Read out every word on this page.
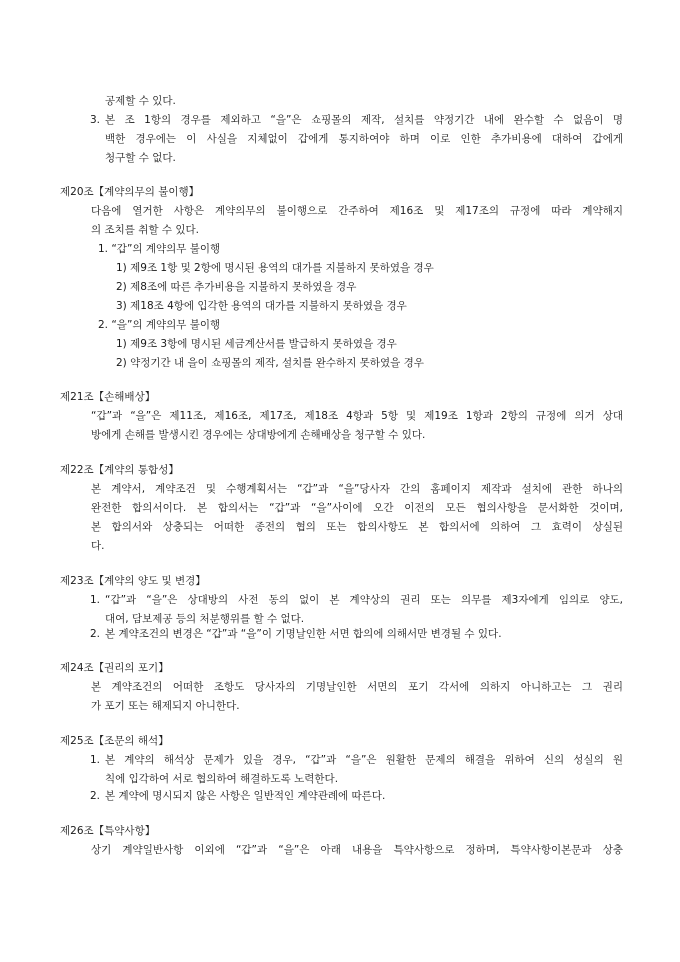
공제할 수 있다.
3. 본 조 1항의 경우를 제외하고 “을”은 쇼핑몰의 제작, 설치를 약정기간 내에 완수할 수 없음이 명
백한 경우에는 이 사실을 지체없이 갑에게 통지하여야 하며 이로 인한 추가비용에 대하여 갑에게
청구할 수 없다.
제20조【계약의무의 불이행】
다음에 열거한 사항은 계약의무의 불이행으로 간주하여 제16조 및 제17조의 규정에 따라 계약해지
의 조치를 취할 수 있다.
1. “갑”의 계약의무 불이행
1) 제9조 1항 및 2항에 명시된 용역의 대가를 지불하지 못하였을 경우
2) 제8조에 따른 추가비용을 지불하지 못하였을 경우
3) 제18조 4항에 입각한 용역의 대가를 지불하지 못하였을 경우
2. “을”의 계약의무 불이행
1) 제9조 3항에 명시된 세금계산서를 발급하지 못하였을 경우
2) 약정기간 내 을이 쇼핑몰의 제작, 설치를 완수하지 못하였을 경우
제21조【손해배상】
“갑”과 “을”은 제11조, 제16조, 제17조, 제18조 4항과 5항 및 제19조 1항과 2항의 규정에 의거 상대
방에게 손해를 발생시킨 경우에는 상대방에게 손해배상을 청구할 수 있다.
제22조【계약의 통합성】
본 계약서, 계약조건 및 수행계획서는 “갑”과 “을”당사자 간의 홈페이지 제작과 설치에 관한 하나의
완전한 합의서이다. 본 합의서는 “갑”과 “을”사이에 오간 이전의 모든 협의사항을 문서화한 것이며,
본 합의서와 상충되는 어떠한 종전의 협의 또는 합의사항도 본 합의서에 의하여 그 효력이 상실된
다.
제23조【계약의 양도 및 변경】
1. “갑”과 “을”은 상대방의 사전 동의 없이 본 계약상의 권리 또는 의무를 제3자에게 임의로 양도,
대여, 담보제공 등의 처분행위를 할 수 없다.
2. 본 계약조건의 변경은 “갑”과 “을”이 기명날인한 서면 합의에 의해서만 변경될 수 있다.
제24조【권리의 포기】
본 계약조건의 어떠한 조항도 당사자의 기명날인한 서면의 포기 각서에 의하지 아니하고는 그 권리
가 포기 또는 해제되지 아니한다.
제25조【조문의 해석】
1. 본 계약의 해석상 문제가 있을 경우, “갑”과 “을”은 원활한 문제의 해결을 위하여 신의 성실의 원
칙에 입각하여 서로 협의하여 해결하도록 노력한다.
2. 본 계약에 명시되지 않은 사항은 일반적인 계약관례에 따른다.
제26조【특약사항】
상기 계약일반사항 이외에 “갑”과 “을”은 아래 내용을 특약사항으로 정하며, 특약사항이본문과 상충
